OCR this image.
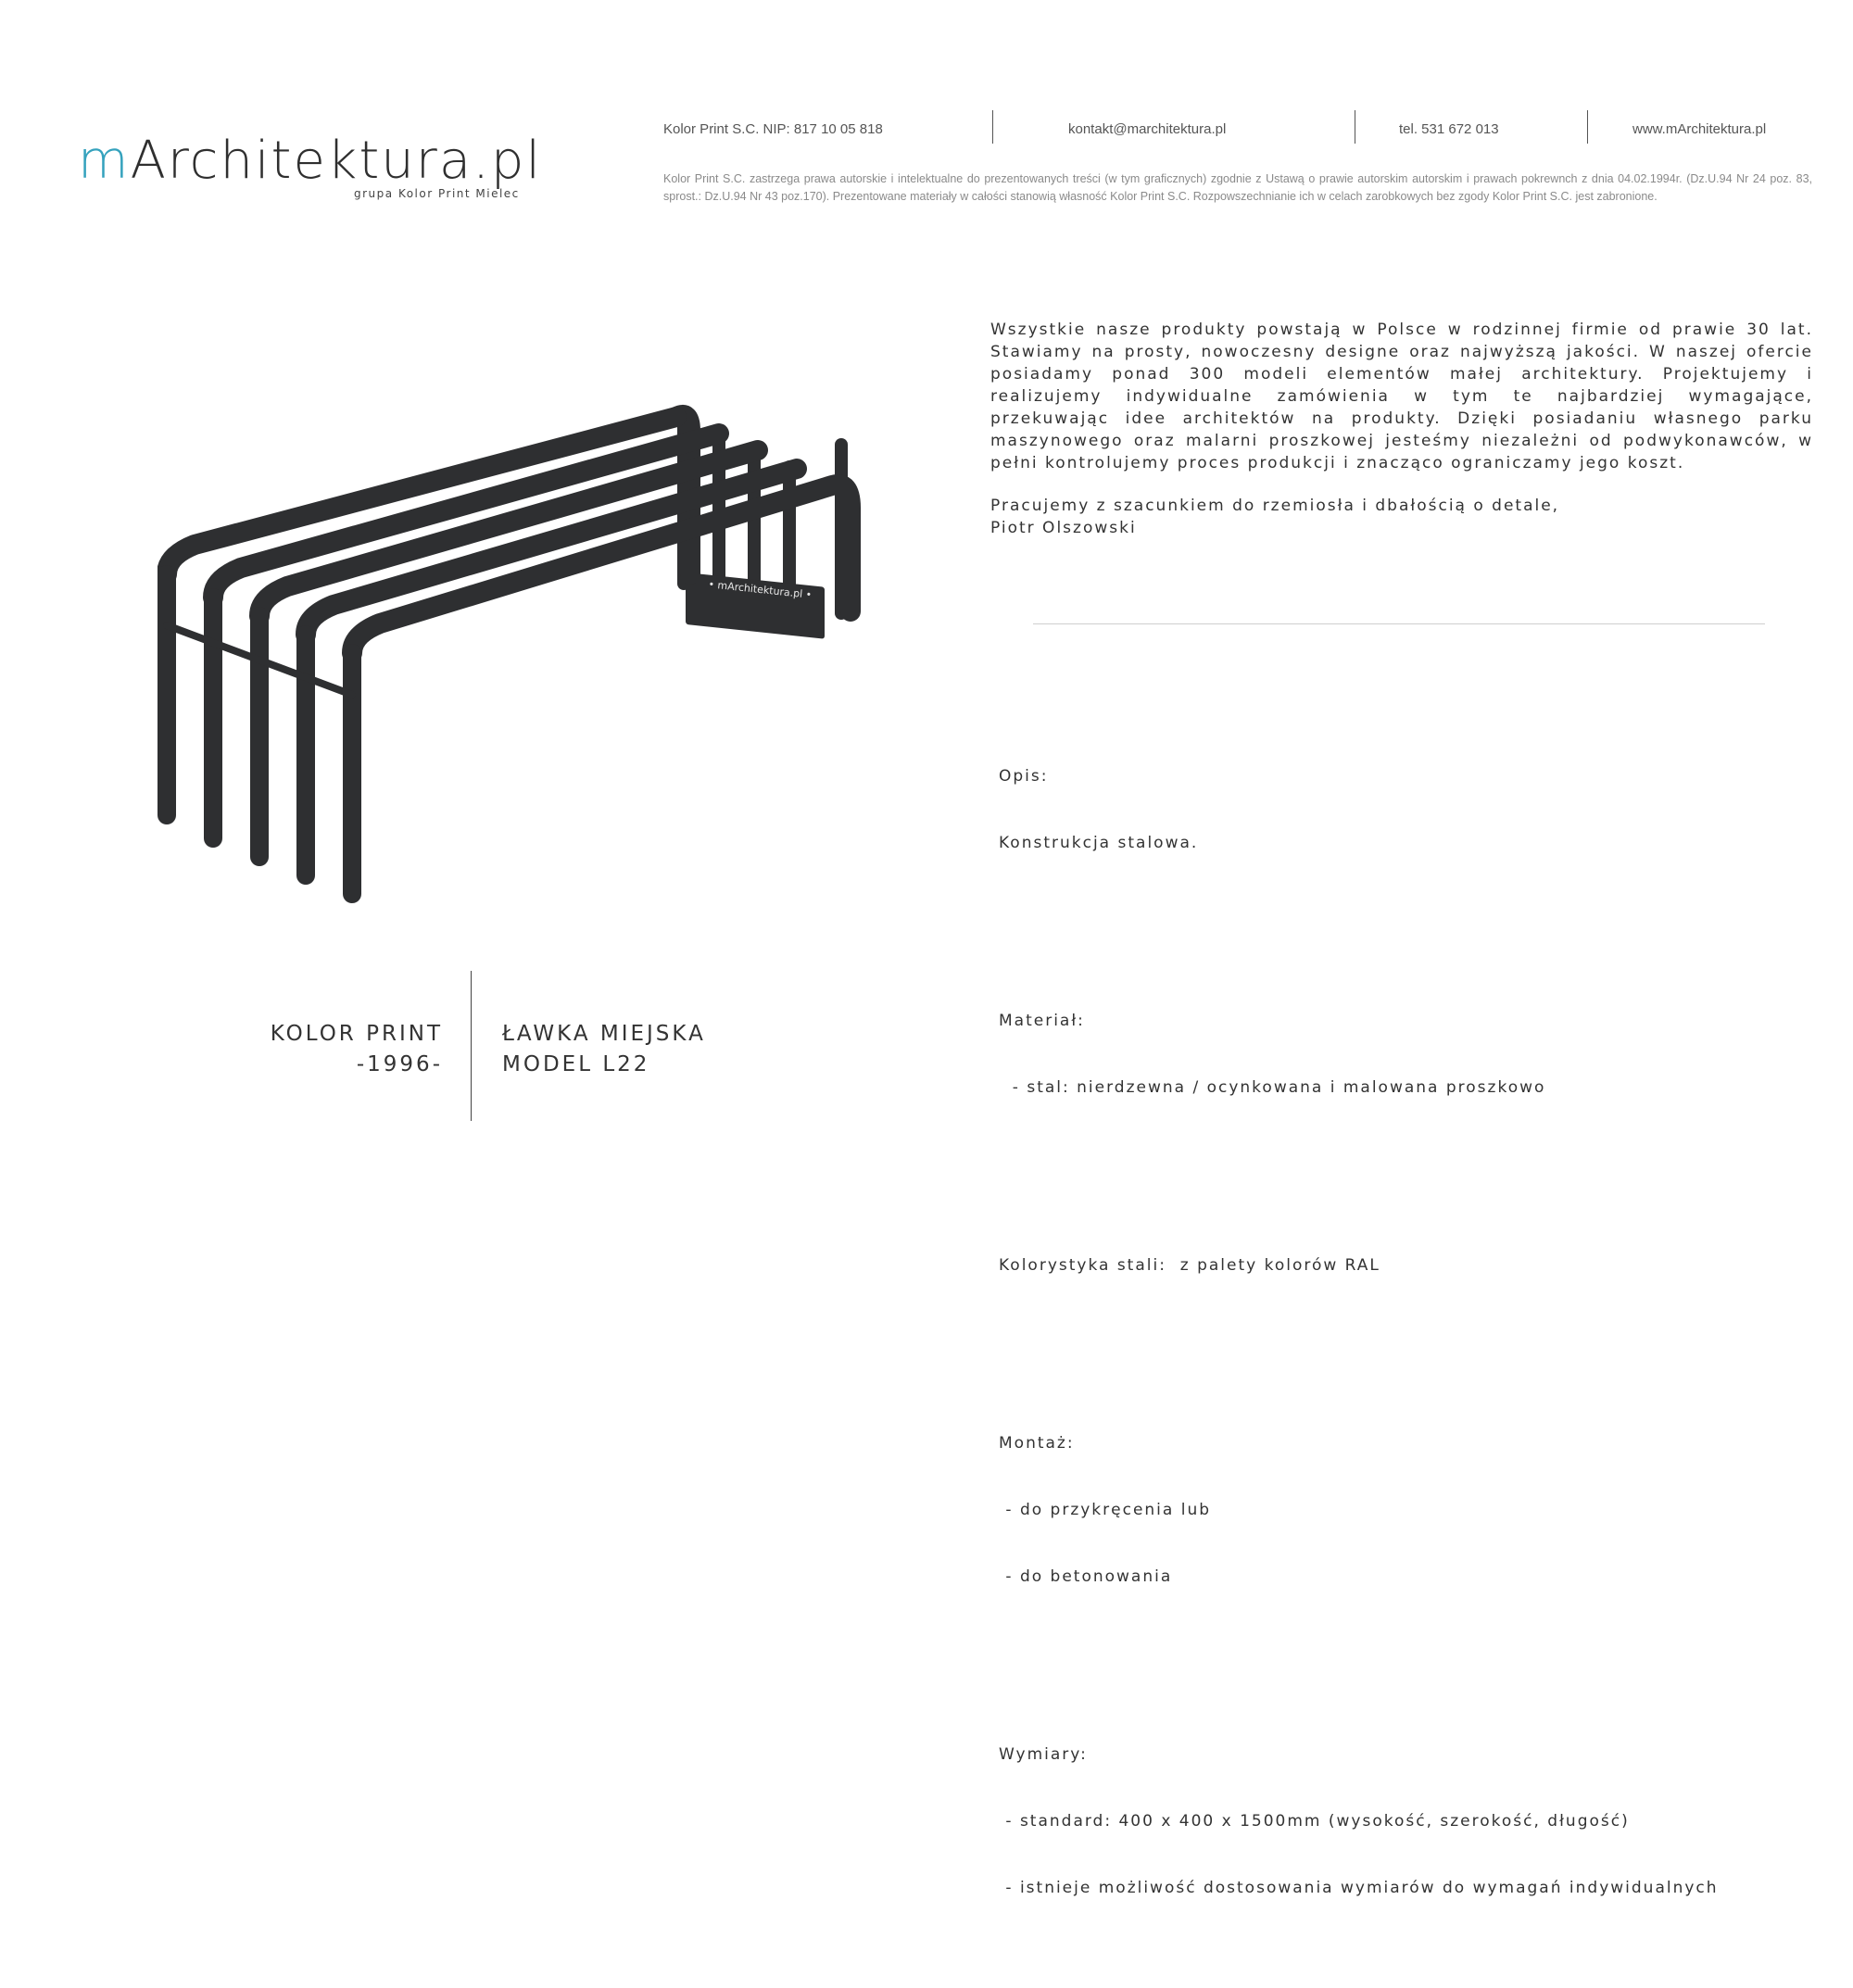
mArchitektura.pl
grupa Kolor Print Mielec
Kolor Print S.C. NIP: 817 10 05 818	kontakt@marchitektura.pl	tel. 531 672 013	www.mArchitektura.pl
Kolor Print S.C. zastrzega prawa autorskie i intelektualne do prezentowanych treści (w tym graficznych) zgodnie z Ustawą o prawie autorskim autorskim i prawach pokrewnch z dnia 04.02.1994r. (Dz.U.94 Nr 24 poz. 83, sprost.: Dz.U.94 Nr 43 poz.170). Prezentowane materiały w całości stanowią własność Kolor Print S.C. Rozpowszechnianie ich w celach zarobkowych bez zgody Kolor Print S.C. jest zabronione.
• mArchitektura.pl •

Wszystkie nasze produkty powstają w Polsce w rodzinnej firmie od prawie 30 lat. Stawiamy na prosty, nowoczesny designe oraz najwyższą jakości. W naszej ofercie posiadamy ponad 300 modeli elementów małej architektury. Projektujemy i realizujemy indywidualne zamówienia w tym te najbardziej wymagające, przekuwając idee architektów na produkty. Dzięki posiadaniu własnego parku maszynowego oraz malarni proszkowej jesteśmy niezależni od podwykonawców, w pełni kontrolujemy proces produkcji i znacząco ograniczamy jego koszt.

Pracujemy z szacunkiem do rzemiosła i dbałością o detale,
Piotr Olszowski

Opis:

Konstrukcja stalowa.

Materiał:

- stal: nierdzewna / ocynkowana i malowana proszkowo

Kolorystyka stali:  z palety kolorów RAL

Montaż:

- do przykręcenia lub

- do betonowania

Wymiary:

- standard: 400 x 400 x 1500mm (wysokość, szerokość, długość)

- istnieje możliwość dostosowania wymiarów do wymagań indywidualnych

KOLOR PRINT
-1996-
ŁAWKA MIEJSKA
MODEL L22
